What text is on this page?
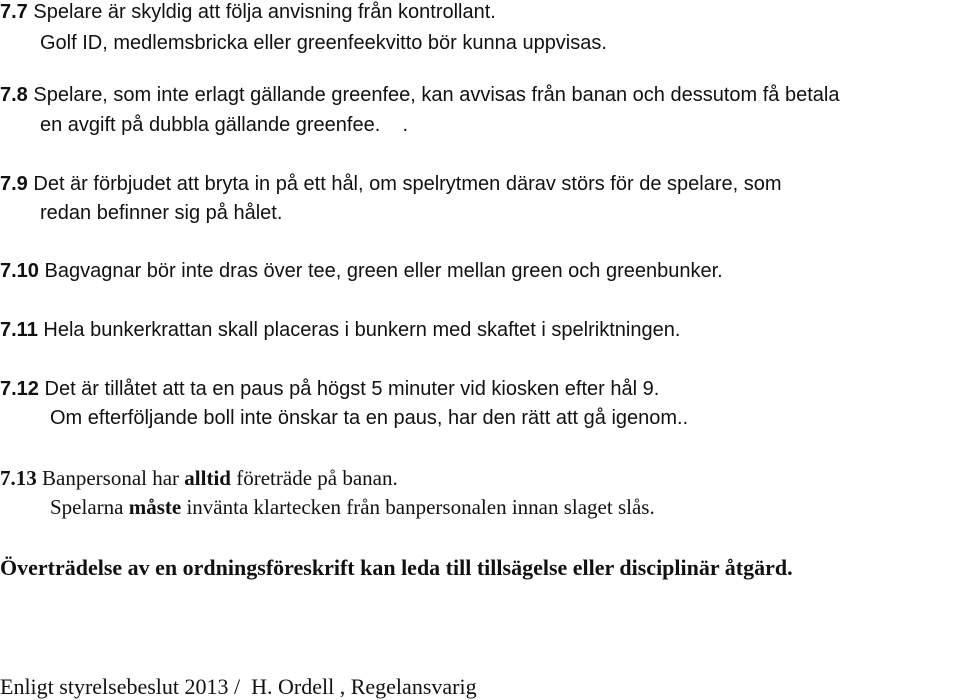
7.7 Spelare är skyldig att följa anvisning från kontrollant.
Golf ID, medlemsbricka eller greenfeekvitto bör kunna uppvisas.
7.8 Spelare, som inte erlagt gällande greenfee, kan avvisas från banan och dessutom få betala
en avgift på dubbla gällande greenfee.    .
7.9 Det är förbjudet att bryta in på ett hål, om spelrytmen därav störs för de spelare, som
redan befinner sig på hålet.
7.10 Bagvagnar bör inte dras över tee, green eller mellan green och greenbunker.
7.11 Hela bunkerkrattan skall placeras i bunkern med skaftet i spelriktningen.
7.12 Det är tillåtet att ta en paus på högst 5 minuter vid kiosken efter hål 9.
Om efterföljande boll inte önskar ta en paus, har den rätt att gå igenom..
7.13 Banpersonal har alltid företräde på banan.
Spelarna måste invänta klartecken från banpersonalen innan slaget slås.
Överträdelse av en ordningsföreskrift kan leda till tillsägelse eller disciplinär åtgärd.
Enligt styrelsebeslut 2013 /  H. Ordell , Regelansvarig
